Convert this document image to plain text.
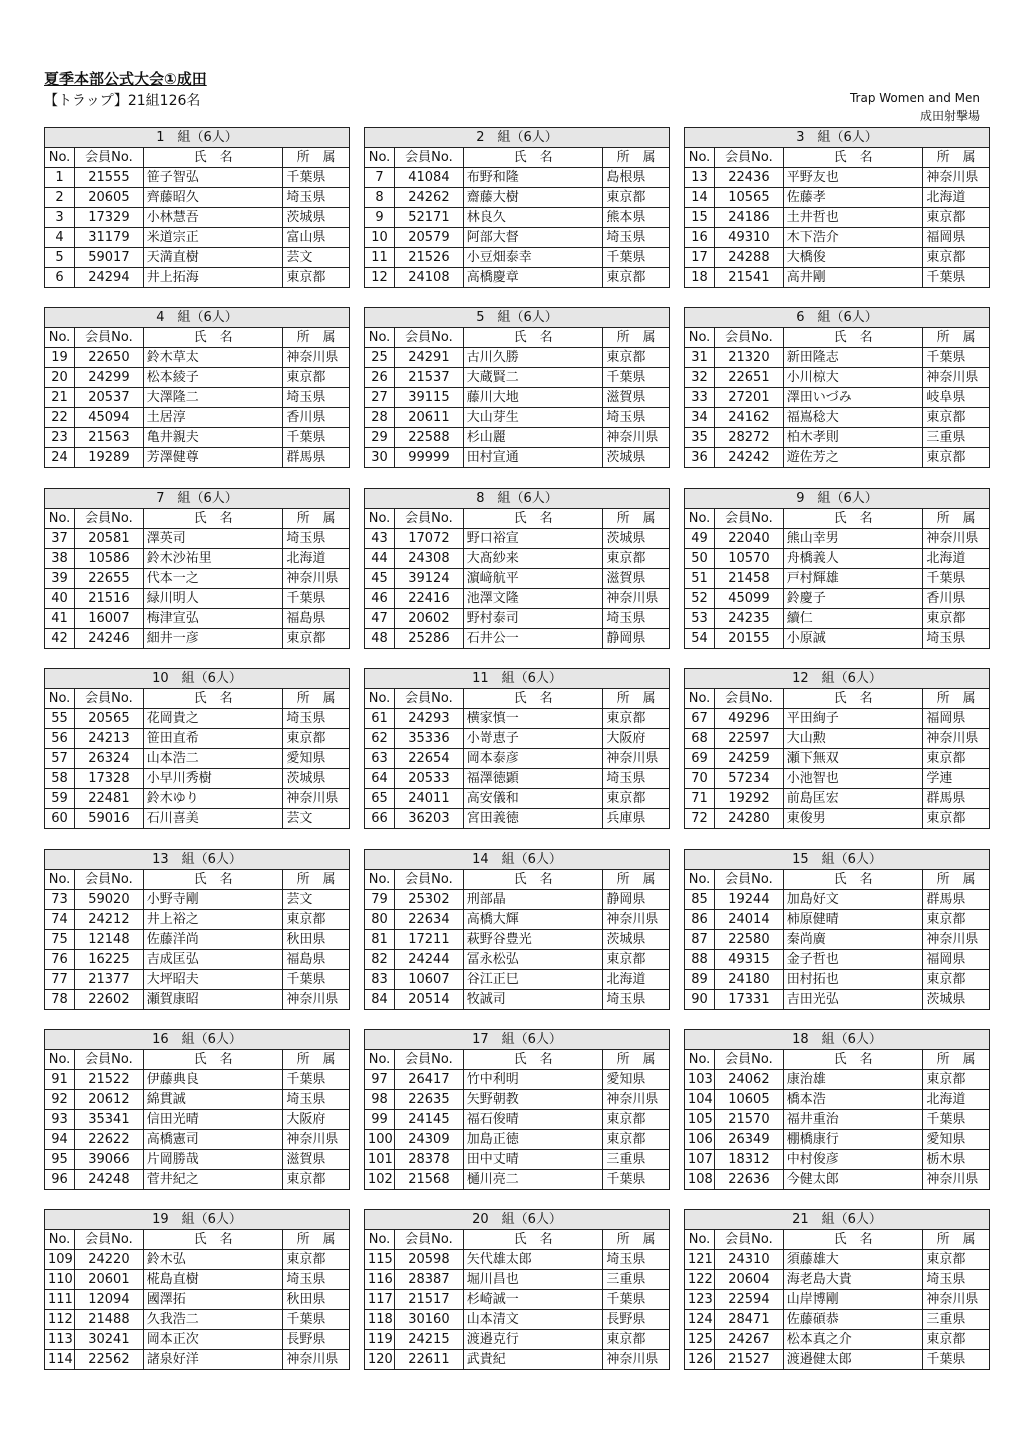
夏季本部公式大会①成田
【トラップ】21組126名	Trap Women and Men
成田射撃場
1　組（6人）			
No.	会員No.	氏　名	所　属
1	21555	笹子智弘	千葉県
2	20605	齊藤昭久	埼玉県
3	17329	小林慧吾	茨城県
4	31179	米道宗正	富山県
5	59017	天満直樹	芸文
6	24294	井上拓海	東京都
2　組（6人）			
No.	会員No.	氏　名	所　属
7	41084	布野和隆	島根県
8	24262	齋藤大樹	東京都
9	52171	林良久	熊本県
10	20579	阿部大督	埼玉県
11	21526	小豆畑泰幸	千葉県
12	24108	高橋慶章	東京都
3　組（6人）			
No.	会員No.	氏　名	所　属
13	22436	平野友也	神奈川県
14	10565	佐藤孝	北海道
15	24186	土井哲也	東京都
16	49310	木下浩介	福岡県
17	24288	大橋俊	東京都
18	21541	高井剛	千葉県
4　組（6人）			
No.	会員No.	氏　名	所　属
19	22650	鈴木草太	神奈川県
20	24299	松本綾子	東京都
21	20537	大澤隆二	埼玉県
22	45094	土居淳	香川県
23	21563	亀井親夫	千葉県
24	19289	芳澤健尊	群馬県
5　組（6人）			
No.	会員No.	氏　名	所　属
25	24291	古川久勝	東京都
26	21537	大蔵賢二	千葉県
27	39115	藤川大地	滋賀県
28	20611	大山芽生	埼玉県
29	22588	杉山麗	神奈川県
30	99999	田村宣通	茨城県
6　組（6人）			
No.	会員No.	氏　名	所　属
31	21320	新田隆志	千葉県
32	22651	小川椋大	神奈川県
33	27201	澤田いづみ	岐阜県
34	24162	福嶌稔大	東京都
35	28272	柏木孝則	三重県
36	24242	遊佐芳之	東京都
7　組（6人）			
No.	会員No.	氏　名	所　属
37	20581	澤英司	埼玉県
38	10586	鈴木沙祐里	北海道
39	22655	代本一之	神奈川県
40	21516	緑川明人	千葉県
41	16007	梅津宣弘	福島県
42	24246	細井一彦	東京都
8　組（6人）			
No.	会員No.	氏　名	所　属
43	17072	野口裕宣	茨城県
44	24308	大髙紗来	東京都
45	39124	濵﨑航平	滋賀県
46	22416	池澤文隆	神奈川県
47	20602	野村泰司	埼玉県
48	25286	石井公一	静岡県
9　組（6人）			
No.	会員No.	氏　名	所　属
49	22040	熊山幸男	神奈川県
50	10570	舟橋義人	北海道
51	21458	戸村輝雄	千葉県
52	45099	鈴慶子	香川県
53	24235	續仁	東京都
54	20155	小原誠	埼玉県
10　組（6人）			
No.	会員No.	氏　名	所　属
55	20565	花岡貴之	埼玉県
56	24213	笹田直希	東京都
57	26324	山本浩二	愛知県
58	17328	小早川秀樹	茨城県
59	22481	鈴木ゆり	神奈川県
60	59016	石川喜美	芸文
11　組（6人）			
No.	会員No.	氏　名	所　属
61	24293	横家慎一	東京都
62	35336	小嵜恵子	大阪府
63	22654	岡本泰彦	神奈川県
64	20533	福澤徳顕	埼玉県
65	24011	高安儀和	東京都
66	36203	宮田義徳	兵庫県
12　組（6人）			
No.	会員No.	氏　名	所　属
67	49296	平田絢子	福岡県
68	22597	大山勲	神奈川県
69	24259	瀬下無双	東京都
70	57234	小池智也	学連
71	19292	前島匡宏	群馬県
72	24280	東俊男	東京都
13　組（6人）			
No.	会員No.	氏　名	所　属
73	59020	小野寺剛	芸文
74	24212	井上裕之	東京都
75	12148	佐藤洋尚	秋田県
76	16225	吉成匡弘	福島県
77	21377	大坪昭夫	千葉県
78	22602	瀬賀康昭	神奈川県
14　組（6人）			
No.	会員No.	氏　名	所　属
79	25302	刑部晶	静岡県
80	22634	高橋大輝	神奈川県
81	17211	萩野谷豊光	茨城県
82	24244	冨永松弘	東京都
83	10607	谷江正巳	北海道
84	20514	牧誠司	埼玉県
15　組（6人）			
No.	会員No.	氏　名	所　属
85	19244	加島好文	群馬県
86	24014	柿原健晴	東京都
87	22580	秦尚廣	神奈川県
88	49315	金子哲也	福岡県
89	24180	田村拓也	東京都
90	17331	吉田光弘	茨城県
16　組（6人）			
No.	会員No.	氏　名	所　属
91	21522	伊藤典良	千葉県
92	20612	綿貫誠	埼玉県
93	35341	信田光晴	大阪府
94	22622	高橋憲司	神奈川県
95	39066	片岡勝哉	滋賀県
96	24248	菅井紀之	東京都
17　組（6人）			
No.	会員No.	氏　名	所　属
97	26417	竹中利明	愛知県
98	22635	矢野朝教	神奈川県
99	24145	福石俊晴	東京都
100	24309	加島正徳	東京都
101	28378	田中丈晴	三重県
102	21568	樋川亮二	千葉県
18　組（6人）			
No.	会員No.	氏　名	所　属
103	24062	康治雄	東京都
104	10605	橋本浩	北海道
105	21570	福井重治	千葉県
106	26349	棚橋康行	愛知県
107	18312	中村俊彦	栃木県
108	22636	今健太郎	神奈川県
19　組（6人）			
No.	会員No.	氏　名	所　属
109	24220	鈴木弘	東京都
110	20601	椛島直樹	埼玉県
111	12094	國澤拓	秋田県
112	21488	久我浩二	千葉県
113	30241	岡本正次	長野県
114	22562	諸泉好洋	神奈川県
20　組（6人）			
No.	会員No.	氏　名	所　属
115	20598	矢代雄太郎	埼玉県
116	28387	堀川昌也	三重県
117	21517	杉崎誠一	千葉県
118	30160	山本清文	長野県
119	24215	渡邉克行	東京都
120	22611	武貴紀	神奈川県
21　組（6人）			
No.	会員No.	氏　名	所　属
121	24310	須藤雄大	東京都
122	20604	海老島大貴	埼玉県
123	22594	山岸博剛	神奈川県
124	28471	佐藤碩恭	三重県
125	24267	松本真之介	東京都
126	21527	渡邉健太郎	千葉県
